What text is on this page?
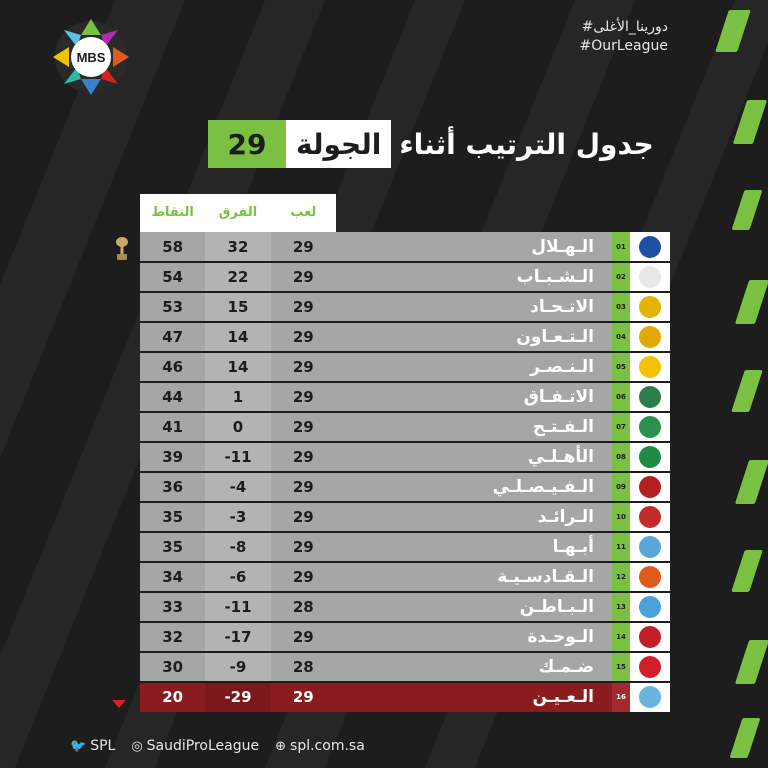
MBS
#دورينا_الأغلى
#OurLeague
29	الجولة جدول الترتيب أثناء
النقاط	الفرق	لعب
58	32	29	الـهـلال	01
54	22	29	الـشـبـاب	02
53	15	29	الاتـحـاد	03
47	14	29	الـتـعـاون	04
46	14	29	الـنـصـر	05
44	1	29	الاتـفـاق	06
41	0	29	الـفـتـح	07
39	-11	29	الأهـلـي	08
36	-4	29	الـفـيـصـلـي	09
35	-3	29	الـرائـد	10
35	-8	29	أبـهـا	11
34	-6	29	الـقـادسـيـة	12
33	-11	28	الـبـاطـن	13
32	-17	29	الـوحـدة	14
30	-9	28	ضـمـك	15
20	-29	29	الـعـيـن	16
🐦 SPL ◎ SaudiProLeague ⊕ spl.com.sa
